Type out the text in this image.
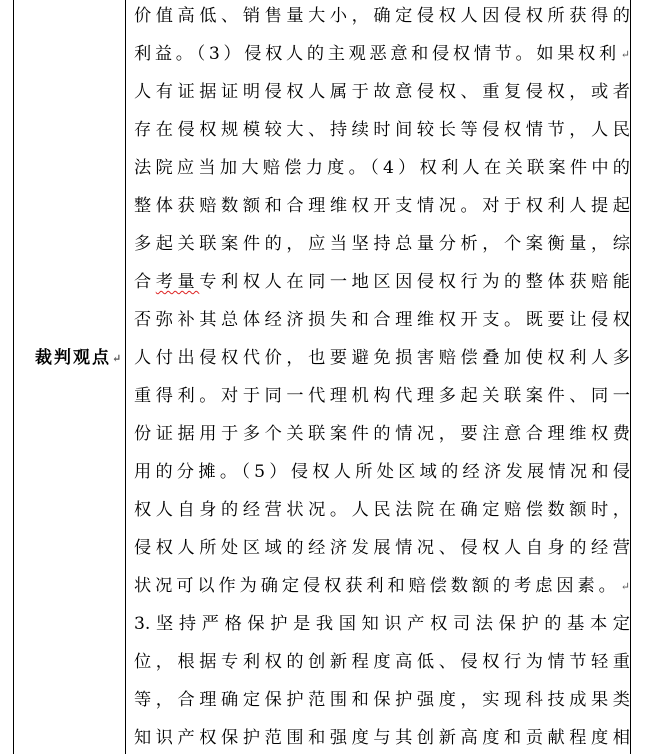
裁判观点↵
价值高低、销售量大小，确定侵权人因侵权所获得的
利益。（3）侵权人的主观恶意和侵权情节。如果权利↵
人有证据证明侵权人属于故意侵权、重复侵权，或者
存在侵权规模较大、持续时间较长等侵权情节，人民
法院应当加大赔偿力度。（4）权利人在关联案件中的
整体获赔数额和合理维权开支情况。对于权利人提起
多起关联案件的，应当坚持总量分析，个案衡量，综
合考量专利权人在同一地区因侵权行为的整体获赔能
否弥补其总体经济损失和合理维权开支。既要让侵权
人付出侵权代价，也要避免损害赔偿叠加使权利人多
重得利。对于同一代理机构代理多起关联案件、同一
份证据用于多个关联案件的情况，要注意合理维权费
用的分摊。（5）侵权人所处区域的经济发展情况和侵
权人自身的经营状况。人民法院在确定赔偿数额时，
侵权人所处区域的经济发展情况、侵权人自身的经营
状况可以作为确定侵权获利和赔偿数额的考虑因素。↵
3.坚持严格保护是我国知识产权司法保护的基本定
位，根据专利权的创新程度高低、侵权行为情节轻重
等，合理确定保护范围和保护强度，实现科技成果类
知识产权保护范围和强度与其创新高度和贡献程度相
